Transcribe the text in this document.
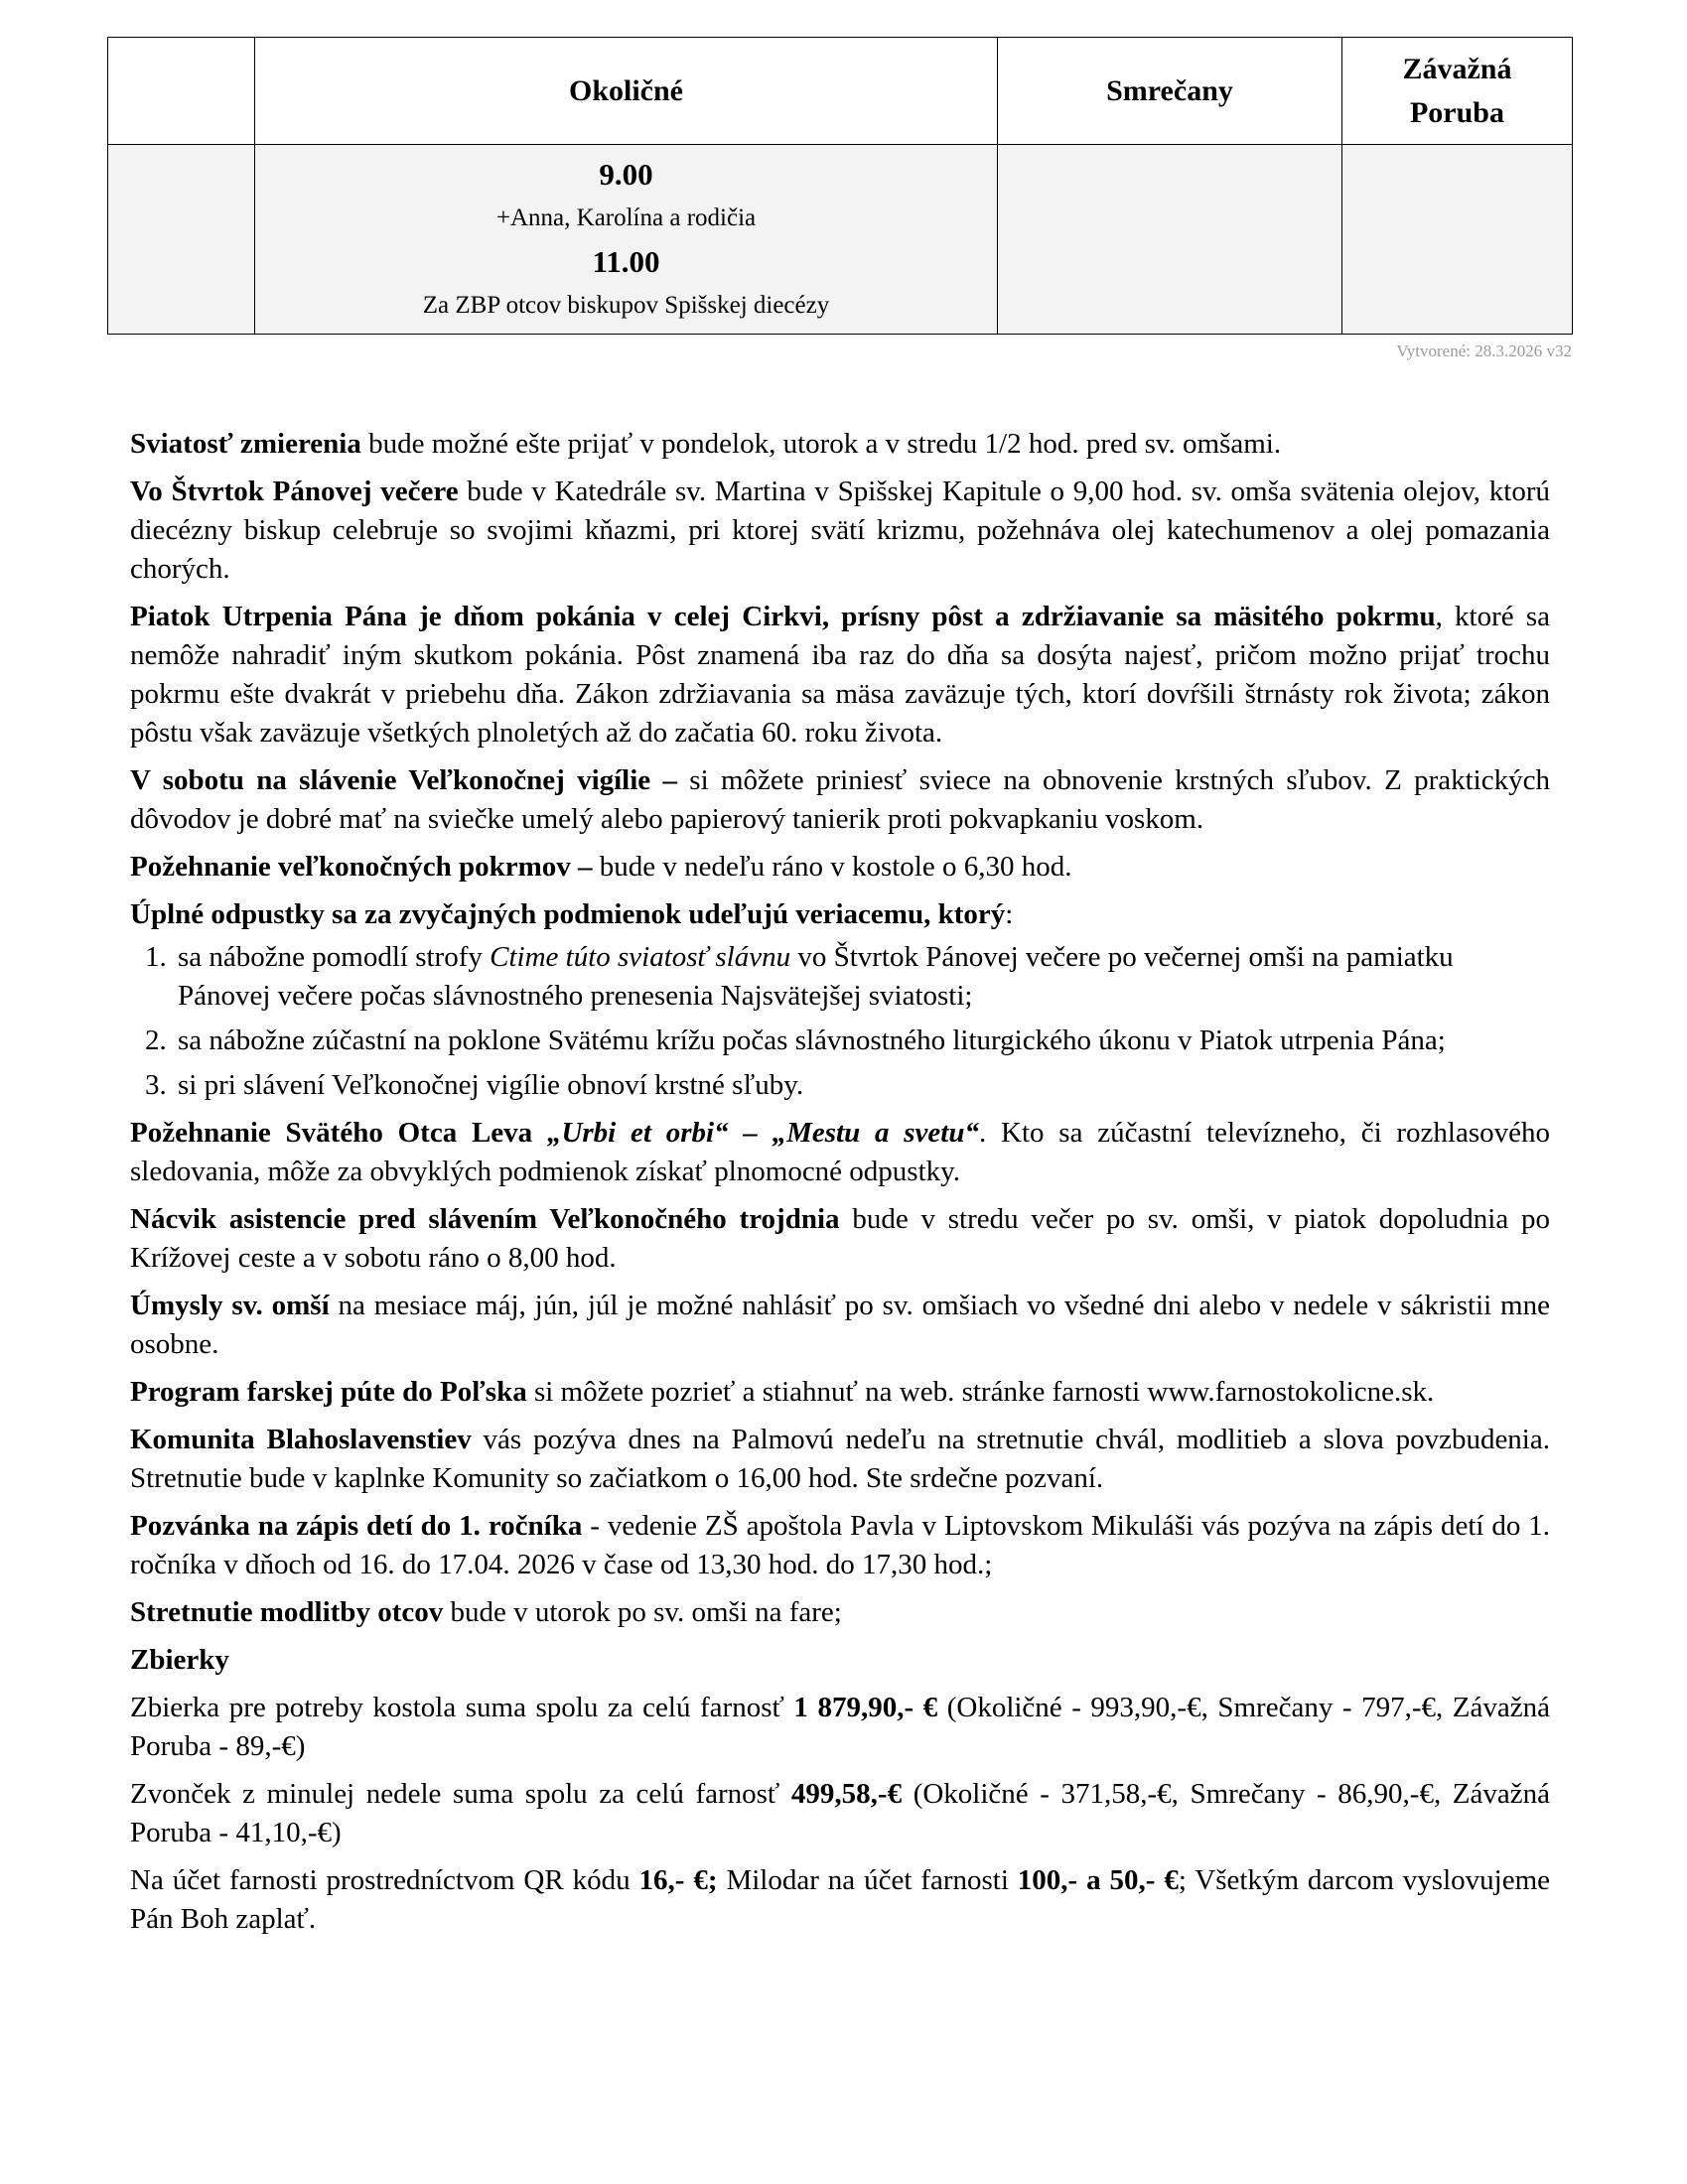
	Okoličné	Smrečany	Závažná Poruba

	9.00
+Anna, Karolína a rodičia
11.00
Za ZBP otcov biskupov Spišskej diecézy		

Vytvorené: 28.3.2026 v32

Sviatosť zmierenia bude možné ešte prijať v pondelok, utorok a v stredu 1/2 hod. pred sv. omšami.

Vo Štvrtok Pánovej večere bude v Katedrále sv. Martina v Spišskej Kapitule o 9,00 hod. sv. omša svätenia olejov, ktorú diecézny biskup celebruje so svojimi kňazmi, pri ktorej svätí krizmu, požehnáva olej katechumenov a olej pomazania chorých.

Piatok Utrpenia Pána je dňom pokánia v celej Cirkvi, prísny pôst a zdržiavanie sa mäsitého pokrmu, ktoré sa nemôže nahradiť iným skutkom pokánia. Pôst znamená iba raz do dňa sa dosýta najesť, pričom možno prijať trochu pokrmu ešte dvakrát v priebehu dňa. Zákon zdržiavania sa mäsa zaväzuje tých, ktorí dovŕšili štrnásty rok života; zákon pôstu však zaväzuje všetkých plnoletých až do začatia 60. roku života.

V sobotu na slávenie Veľkonočnej vigílie – si môžete priniesť sviece na obnovenie krstných sľubov. Z praktických dôvodov je dobré mať na sviečke umelý alebo papierový tanierik proti pokvapkaniu voskom.

Požehnanie veľkonočných pokrmov – bude v nedeľu ráno v kostole o 6,30 hod.

Úplné odpustky sa za zvyčajných podmienok udeľujú veriacemu, ktorý:

1. sa nábožne pomodlí strofy Ctime túto sviatosť slávnu vo Štvrtok Pánovej večere po večernej omši na pamiatku Pánovej večere počas slávnostného prenesenia Najsvätejšej sviatosti;
2. sa nábožne zúčastní na poklone Svätému krížu počas slávnostného liturgického úkonu v Piatok utrpenia Pána;
3. si pri slávení Veľkonočnej vigílie obnoví krstné sľuby.

Požehnanie Svätého Otca Leva „Urbi et orbi“ – „Mestu a svetu“. Kto sa zúčastní televízneho, či rozhlasového sledovania, môže za obvyklých podmienok získať plnomocné odpustky.

Nácvik asistencie pred slávením Veľkonočného trojdnia bude v stredu večer po sv. omši, v piatok dopoludnia po Krížovej ceste a v sobotu ráno o 8,00 hod.

Úmysly sv. omší na mesiace máj, jún, júl je možné nahlásiť po sv. omšiach vo všedné dni alebo v nedele v sákristii mne osobne.

Program farskej púte do Poľska si môžete pozrieť a stiahnuť na web. stránke farnosti www.farnostokolicne.sk.

Komunita Blahoslavenstiev vás pozýva dnes na Palmovú nedeľu na stretnutie chvál, modlitieb a slova povzbudenia. Stretnutie bude v kaplnke Komunity so začiatkom o 16,00 hod. Ste srdečne pozvaní.

Pozvánka na zápis detí do 1. ročníka - vedenie ZŠ apoštola Pavla v Liptovskom Mikuláši vás pozýva na zápis detí do 1. ročníka v dňoch od 16. do 17.04. 2026 v čase od 13,30 hod. do 17,30 hod.;

Stretnutie modlitby otcov bude v utorok po sv. omši na fare;

Zbierky

Zbierka pre potreby kostola suma spolu za celú farnosť 1 879,90,- € (Okoličné - 993,90,-€, Smrečany - 797,-€, Závažná Poruba - 89,-€)

Zvonček z minulej nedele suma spolu za celú farnosť 499,58,-€ (Okoličné - 371,58,-€, Smrečany - 86,90,-€, Závažná Poruba - 41,10,-€)

Na účet farnosti prostredníctvom QR kódu 16,- €; Milodar na účet farnosti 100,- a 50,- €; Všetkým darcom vyslovujeme Pán Boh zaplať.
